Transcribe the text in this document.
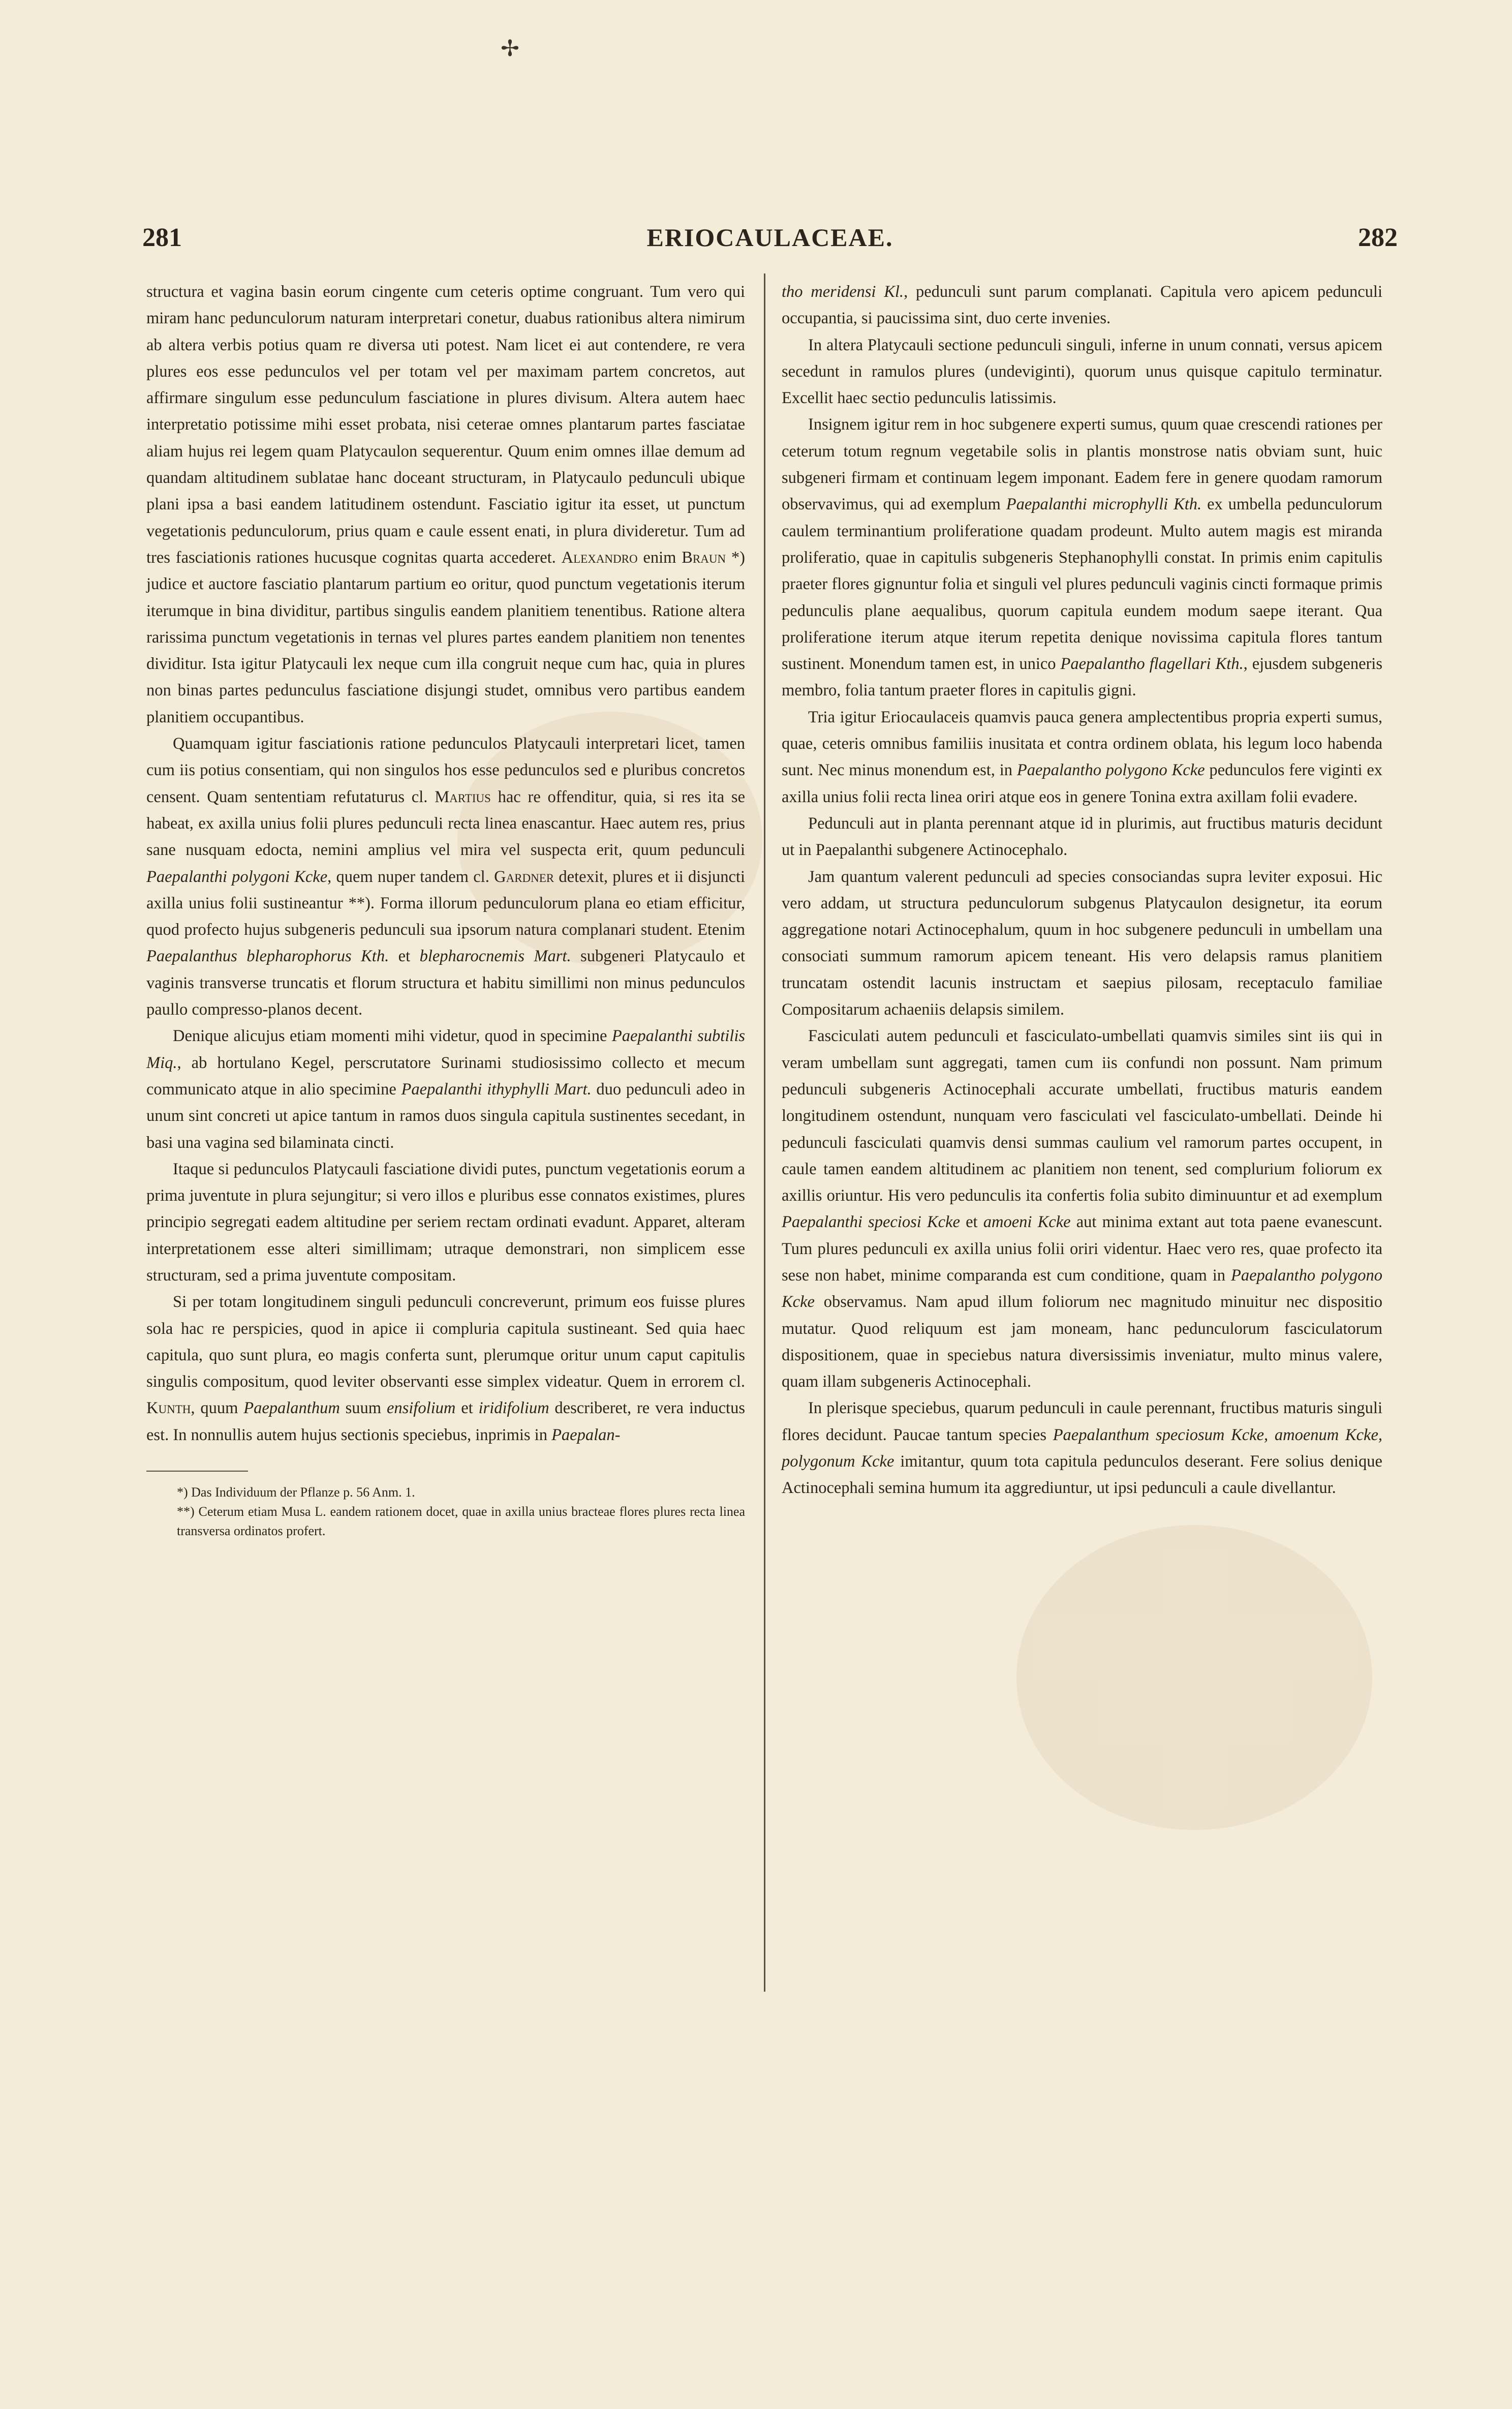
✢
281	ERIOCAULACEAE.	282

structura et vagina basin eorum cingente cum ceteris optime congruant. Tum vero qui miram hanc pedunculorum naturam interpretari conetur, duabus rationibus altera nimirum ab altera verbis potius quam re diversa uti potest. Nam licet ei aut contendere, re vera plures eos esse pedunculos vel per totam vel per maximam partem concretos, aut affirmare singulum esse pedunculum fasciatione in plures divisum. Altera autem haec interpretatio potissime mihi esset probata, nisi ceterae omnes plantarum partes fasciatae aliam hujus rei legem quam Platycaulon sequerentur. Quum enim omnes illae demum ad quandam altitudinem sublatae hanc doceant structuram, in Platycaulo pedunculi ubique plani ipsa a basi eandem latitudinem ostendunt. Fasciatio igitur ita esset, ut punctum vegetationis pedunculorum, prius quam e caule essent enati, in plura divideretur. Tum ad tres fasciationis rationes hucusque cognitas quarta accederet. Alexandro enim Braun *) judice et auctore fasciatio plantarum partium eo oritur, quod punctum vegetationis iterum iterumque in bina dividitur, partibus singulis eandem planitiem tenentibus. Ratione altera rarissima punctum vegetationis in ternas vel plures partes eandem planitiem non tenentes dividitur. Ista igitur Platycauli lex neque cum illa congruit neque cum hac, quia in plures non binas partes pedunculus fasciatione disjungi studet, omnibus vero partibus eandem planitiem occupantibus.

Quamquam igitur fasciationis ratione pedunculos Platycauli interpretari licet, tamen cum iis potius consentiam, qui non singulos hos esse pedunculos sed e pluribus concretos censent. Quam sententiam refutaturus cl. Martius hac re offenditur, quia, si res ita se habeat, ex axilla unius folii plures pedunculi recta linea enascantur. Haec autem res, prius sane nusquam edocta, nemini amplius vel mira vel suspecta erit, quum pedunculi Paepalanthi polygoni Kcke, quem nuper tandem cl. Gardner detexit, plures et ii disjuncti axilla unius folii sustineantur **). Forma illorum pedunculorum plana eo etiam efficitur, quod profecto hujus subgeneris pedunculi sua ipsorum natura complanari student. Etenim Paepalanthus blepharophorus Kth. et blepharocnemis Mart. subgeneri Platycaulo et vaginis transverse truncatis et florum structura et habitu simillimi non minus pedunculos paullo compresso-planos decent.

Denique alicujus etiam momenti mihi videtur, quod in specimine Paepalanthi subtilis Miq., ab hortulano Kegel, perscrutatore Surinami studiosissimo collecto et mecum communicato atque in alio specimine Paepalanthi ithyphylli Mart. duo pedunculi adeo in unum sint concreti ut apice tantum in ramos duos singula capitula sustinentes secedant, in basi una vagina sed bilaminata cincti.

Itaque si pedunculos Platycauli fasciatione dividi putes, punctum vegetationis eorum a prima juventute in plura sejungitur; si vero illos e pluribus esse connatos existimes, plures principio segregati eadem altitudine per seriem rectam ordinati evadunt. Apparet, alteram interpretationem esse alteri simillimam; utraque demonstrari, non simplicem esse structuram, sed a prima juventute compositam.

Si per totam longitudinem singuli pedunculi concreverunt, primum eos fuisse plures sola hac re perspicies, quod in apice ii compluria capitula sustineant. Sed quia haec capitula, quo sunt plura, eo magis conferta sunt, plerumque oritur unum caput capitulis singulis compositum, quod leviter observanti esse simplex videatur. Quem in errorem cl. Kunth, quum Paepalanthum suum ensifolium et iridifolium describeret, re vera inductus est. In nonnullis autem hujus sectionis speciebus, inprimis in Paepalan-

*) Das Individuum der Pflanze p. 56 Anm. 1.
**) Ceterum etiam Musa L. eandem rationem docet, quae in axilla unius bracteae flores plures recta linea transversa ordinatos profert.

tho meridensi Kl., pedunculi sunt parum complanati. Capitula vero apicem pedunculi occupantia, si paucissima sint, duo certe invenies.

In altera Platycauli sectione pedunculi singuli, inferne in unum connati, versus apicem secedunt in ramulos plures (undeviginti), quorum unus quisque capitulo terminatur. Excellit haec sectio pedunculis latissimis.

Insignem igitur rem in hoc subgenere experti sumus, quum quae crescendi rationes per ceterum totum regnum vegetabile solis in plantis monstrose natis obviam sunt, huic subgeneri firmam et continuam legem imponant. Eadem fere in genere quodam ramorum observavimus, qui ad exemplum Paepalanthi microphylli Kth. ex umbella pedunculorum caulem terminantium proliferatione quadam prodeunt. Multo autem magis est miranda proliferatio, quae in capitulis subgeneris Stephanophylli constat. In primis enim capitulis praeter flores gignuntur folia et singuli vel plures pedunculi vaginis cincti formaque primis pedunculis plane aequalibus, quorum capitula eundem modum saepe iterant. Qua proliferatione iterum atque iterum repetita denique novissima capitula flores tantum sustinent. Monendum tamen est, in unico Paepalantho flagellari Kth., ejusdem subgeneris membro, folia tantum praeter flores in capitulis gigni.

Tria igitur Eriocaulaceis quamvis pauca genera amplectentibus propria experti sumus, quae, ceteris omnibus familiis inusitata et contra ordinem oblata, his legum loco habenda sunt. Nec minus monendum est, in Paepalantho polygono Kcke pedunculos fere viginti ex axilla unius folii recta linea oriri atque eos in genere Tonina extra axillam folii evadere.

Pedunculi aut in planta perennant atque id in plurimis, aut fructibus maturis decidunt ut in Paepalanthi subgenere Actinocephalo.

Jam quantum valerent pedunculi ad species consociandas supra leviter exposui. Hic vero addam, ut structura pedunculorum subgenus Platycaulon designetur, ita eorum aggregatione notari Actinocephalum, quum in hoc subgenere pedunculi in umbellam una consociati summum ramorum apicem teneant. His vero delapsis ramus planitiem truncatam ostendit lacunis instructam et saepius pilosam, receptaculo familiae Compositarum achaeniis delapsis similem.

Fasciculati autem pedunculi et fasciculato-umbellati quamvis similes sint iis qui in veram umbellam sunt aggregati, tamen cum iis confundi non possunt. Nam primum pedunculi subgeneris Actinocephali accurate umbellati, fructibus maturis eandem longitudinem ostendunt, nunquam vero fasciculati vel fasciculato-umbellati. Deinde hi pedunculi fasciculati quamvis densi summas caulium vel ramorum partes occupent, in caule tamen eandem altitudinem ac planitiem non tenent, sed complurium foliorum ex axillis oriuntur. His vero pedunculis ita confertis folia subito diminuuntur et ad exemplum Paepalanthi speciosi Kcke et amoeni Kcke aut minima extant aut tota paene evanescunt. Tum plures pedunculi ex axilla unius folii oriri videntur. Haec vero res, quae profecto ita sese non habet, minime comparanda est cum conditione, quam in Paepalantho polygono Kcke observamus. Nam apud illum foliorum nec magnitudo minuitur nec dispositio mutatur. Quod reliquum est jam moneam, hanc pedunculorum fasciculatorum dispositionem, quae in speciebus natura diversissimis inveniatur, multo minus valere, quam illam subgeneris Actinocephali.

In plerisque speciebus, quarum pedunculi in caule perennant, fructibus maturis singuli flores decidunt. Paucae tantum species Paepalanthum speciosum Kcke, amoenum Kcke, polygonum Kcke imitantur, quum tota capitula pedunculos deserant. Fere solius denique Actinocephali semina humum ita aggrediuntur, ut ipsi pedunculi a caule divellantur.
